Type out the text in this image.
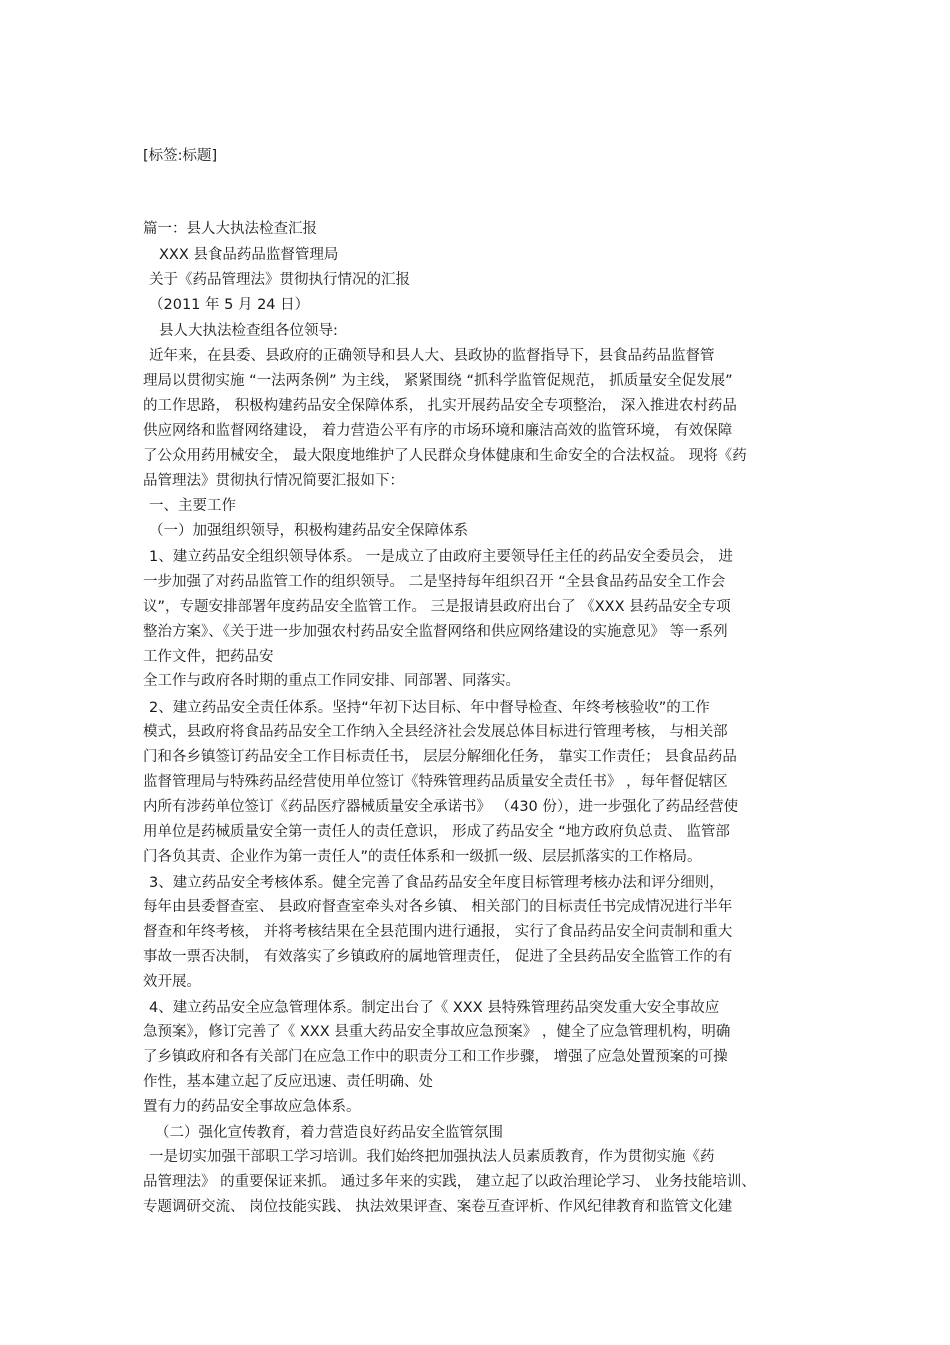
[标签:标题]
篇一：县人大执法检查汇报
XXX 县食品药品监督管理局
关于《药品管理法》贯彻执行情况的汇报
（2011 年 5 月 24 日）
县人大执法检查组各位领导:
近年来，在县委、县政府的正确领导和县人大、县政协的监督指导下，县食品药品监督管
理局以贯彻实施 “一法两条例” 为主线， 紧紧围绕 “抓科学监管促规范， 抓质量安全促发展”
的工作思路， 积极构建药品安全保障体系， 扎实开展药品安全专项整治， 深入推进农村药品
供应网络和监督网络建设， 着力营造公平有序的市场环境和廉洁高效的监管环境， 有效保障
了公众用药用械安全， 最大限度地维护了人民群众身体健康和生命安全的合法权益。 现将《药
品管理法》贯彻执行情况简要汇报如下：
一、主要工作
（一）加强组织领导，积极构建药品安全保障体系
1、建立药品安全组织领导体系。 一是成立了由政府主要领导任主任的药品安全委员会， 进
一步加强了对药品监管工作的组织领导。 二是坚持每年组织召开 “全县食品药品安全工作会
议”，专题安排部署年度药品安全监管工作。 三是报请县政府出台了 《XXX 县药品安全专项
整治方案》、《关于进一步加强农村药品安全监督网络和供应网络建设的实施意见》 等一系列
工作文件，把药品安
全工作与政府各时期的重点工作同安排、同部署、同落实。
2、建立药品安全责任体系。坚持“年初下达目标、年中督导检查、年终考核验收”的工作
模式，县政府将食品药品安全工作纳入全县经济社会发展总体目标进行管理考核， 与相关部
门和各乡镇签订药品安全工作目标责任书， 层层分解细化任务， 靠实工作责任； 县食品药品
监督管理局与特殊药品经营使用单位签订《特殊管理药品质量安全责任书》 ，每年督促辖区
内所有涉药单位签订《药品医疗器械质量安全承诺书》 （430 份），进一步强化了药品经营使
用单位是药械质量安全第一责任人的责任意识， 形成了药品安全 “地方政府负总责、 监管部
门各负其责、企业作为第一责任人”的责任体系和一级抓一级、层层抓落实的工作格局。
3、建立药品安全考核体系。健全完善了食品药品安全年度目标管理考核办法和评分细则，
每年由县委督查室、 县政府督查室牵头对各乡镇、 相关部门的目标责任书完成情况进行半年
督查和年终考核， 并将考核结果在全县范围内进行通报， 实行了食品药品安全问责制和重大
事故一票否决制， 有效落实了乡镇政府的属地管理责任， 促进了全县药品安全监管工作的有
效开展。
4、建立药品安全应急管理体系。制定出台了《 XXX 县特殊管理药品突发重大安全事故应
急预案》，修订完善了《 XXX 县重大药品安全事故应急预案》 ，健全了应急管理机构，明确
了乡镇政府和各有关部门在应急工作中的职责分工和工作步骤， 增强了应急处置预案的可操
作性，基本建立起了反应迅速、责任明确、处
置有力的药品安全事故应急体系。
（二）强化宣传教育，着力营造良好药品安全监管氛围
一是切实加强干部职工学习培训。我们始终把加强执法人员素质教育，作为贯彻实施《药
品管理法》 的重要保证来抓。 通过多年来的实践， 建立起了以政治理论学习、 业务技能培训、
专题调研交流、 岗位技能实践、 执法效果评查、案卷互查评析、作风纪律教育和监管文化建
